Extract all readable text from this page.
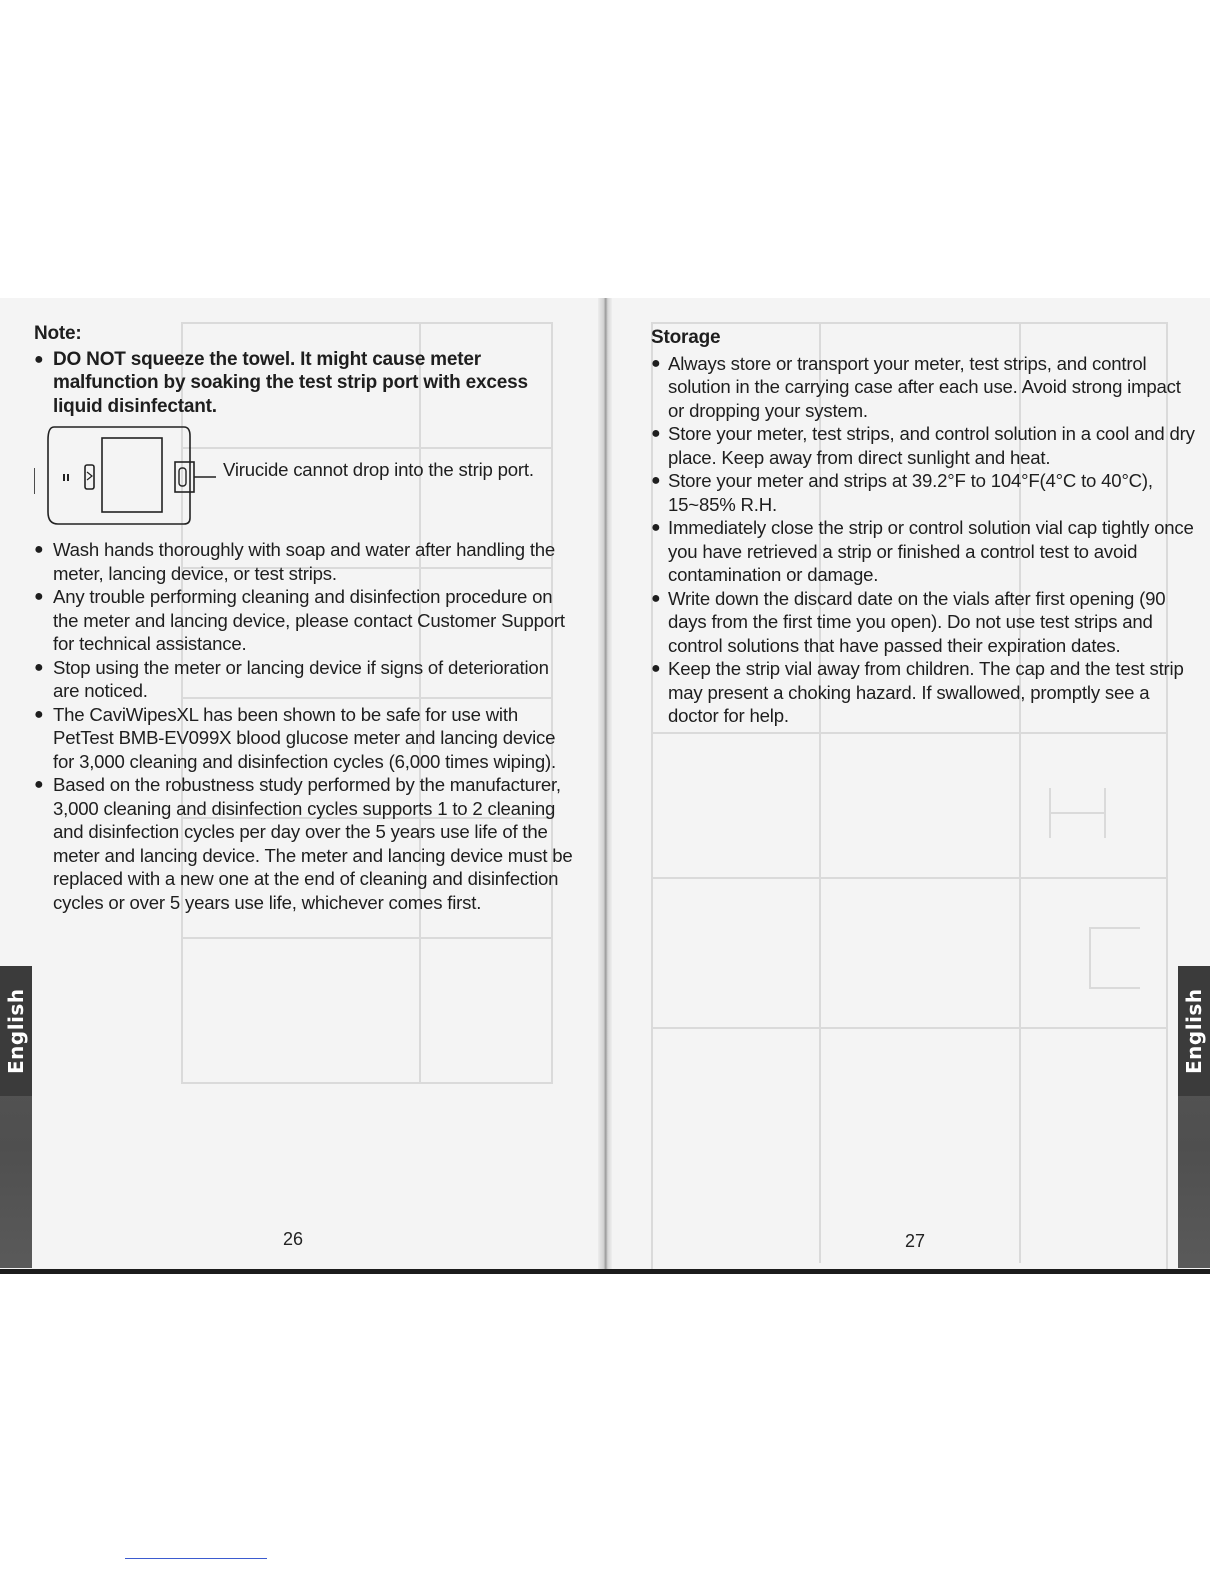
English	English
Note:
● DO NOT squeeze the towel. It might cause meter malfunction by soaking the test strip port with excess liquid disinfectant.
Virucide cannot drop into the strip port.
● Wash hands thoroughly with soap and water after handling the meter, lancing device, or test strips.
● Any trouble performing cleaning and disinfection procedure on the meter and lancing device, please contact Customer Support for technical assistance.
● Stop using the meter or lancing device if signs of deterioration are noticed.
● The CaviWipesXL has been shown to be safe for use with PetTest BMB-EV099X blood glucose meter and lancing device for 3,000 cleaning and disinfection cycles (6,000 times wiping).
● Based on the robustness study performed by the manufacturer, 3,000 cleaning and disinfection cycles supports 1 to 2 cleaning and disinfection cycles per day over the 5 years use life of the meter and lancing device. The meter and lancing device must be replaced with a new one at the end of cleaning and disinfection cycles or over 5 years use life, whichever comes first.
Storage
● Always store or transport your meter, test strips, and control solution in the carrying case after each use. Avoid strong impact or dropping your system.
● Store your meter, test strips, and control solution in a cool and dry place. Keep away from direct sunlight and heat.
● Store your meter and strips at 39.2°F to 104°F(4°C to 40°C), 15~85% R.H.
● Immediately close the strip or control solution vial cap tightly once you have retrieved a strip or finished a control test to avoid contamination or damage.
● Write down the discard date on the vials after first opening (90 days from the first time you open). Do not use test strips and control solutions that have passed their expiration dates.
● Keep the strip vial away from children. The cap and the test strip may present a choking hazard. If swallowed, promptly see a doctor for help.
26	27
